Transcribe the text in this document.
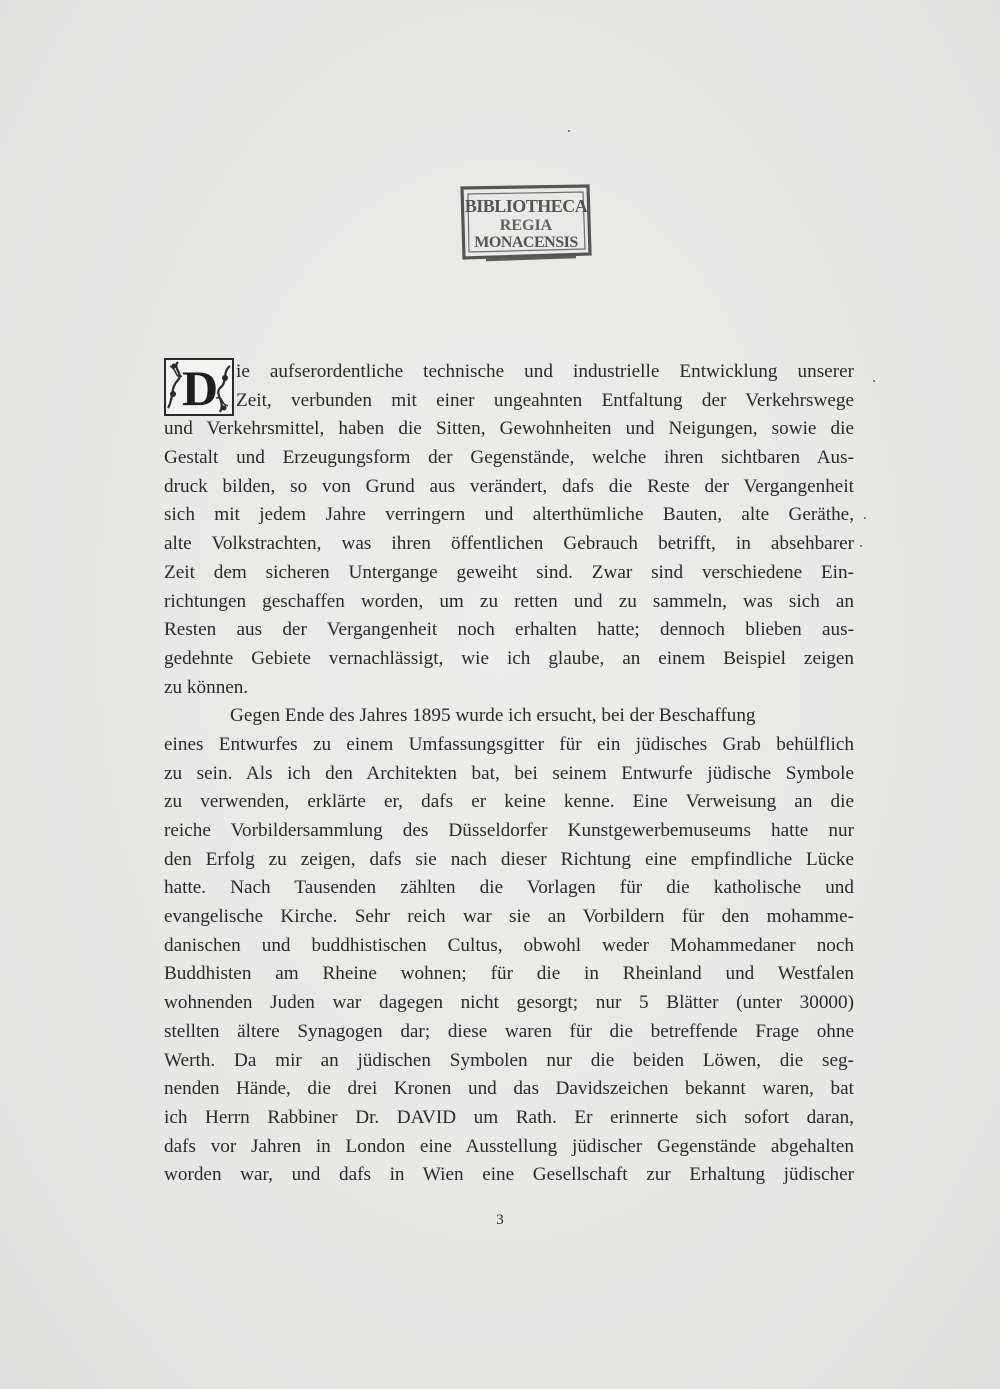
BIBLIOTHECA
REGIA
MONACENSIS
D ie aufserordentliche technische und industrielle Entwicklung unserer
Zeit, verbunden mit einer ungeahnten Entfaltung der Verkehrswege
und Verkehrsmittel, haben die Sitten, Gewohnheiten und Neigungen, sowie die
Gestalt und Erzeugungsform der Gegenstände, welche ihren sichtbaren Aus-
druck bilden, so von Grund aus verändert, dafs die Reste der Vergangenheit
sich mit jedem Jahre verringern und alterthümliche Bauten, alte Geräthe,
alte Volkstrachten, was ihren öffentlichen Gebrauch betrifft, in absehbarer
Zeit dem sicheren Untergange geweiht sind. Zwar sind verschiedene Ein-
richtungen geschaffen worden, um zu retten und zu sammeln, was sich an
Resten aus der Vergangenheit noch erhalten hatte; dennoch blieben aus-
gedehnte Gebiete vernachlässigt, wie ich glaube, an einem Beispiel zeigen
zu können.
Gegen Ende des Jahres 1895 wurde ich ersucht, bei der Beschaffung
eines Entwurfes zu einem Umfassungsgitter für ein jüdisches Grab behülflich
zu sein. Als ich den Architekten bat, bei seinem Entwurfe jüdische Symbole
zu verwenden, erklärte er, dafs er keine kenne. Eine Verweisung an die
reiche Vorbildersammlung des Düsseldorfer Kunstgewerbemuseums hatte nur
den Erfolg zu zeigen, dafs sie nach dieser Richtung eine empfindliche Lücke
hatte. Nach Tausenden zählten die Vorlagen für die katholische und
evangelische Kirche. Sehr reich war sie an Vorbildern für den mohamme-
danischen und buddhistischen Cultus, obwohl weder Mohammedaner noch
Buddhisten am Rheine wohnen; für die in Rheinland und Westfalen
wohnenden Juden war dagegen nicht gesorgt; nur 5 Blätter (unter 30000)
stellten ältere Synagogen dar; diese waren für die betreffende Frage ohne
Werth. Da mir an jüdischen Symbolen nur die beiden Löwen, die seg-
nenden Hände, die drei Kronen und das Davidszeichen bekannt waren, bat
ich Herrn Rabbiner Dr. DAVID um Rath. Er erinnerte sich sofort daran,
dafs vor Jahren in London eine Ausstellung jüdischer Gegenstände abgehalten
worden war, und dafs in Wien eine Gesellschaft zur Erhaltung jüdischer
3
